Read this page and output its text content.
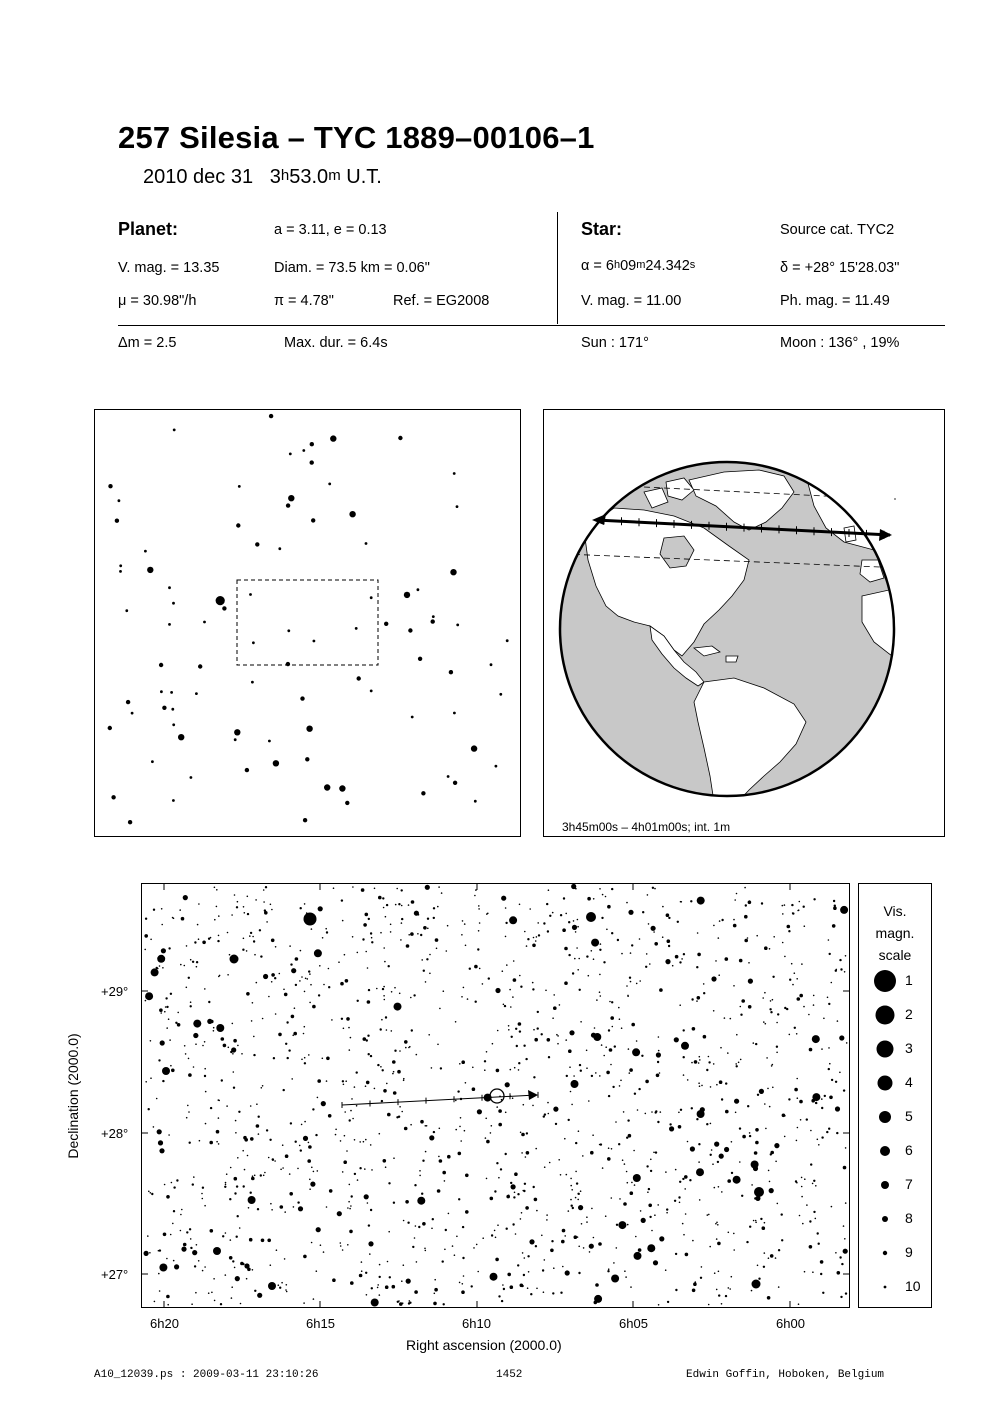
257 Silesia – TYC 1889–00106–1
2010 dec 31 3$^h$53.0$^m$ U.T.
Planet:	a = 3.11, e = 0.13
V. mag. = 13.35	Diam. = 73.5 km = 0.06"
μ = 30.98"/h	π = 4.78"	Ref. = EG2008
Star:	Source cat. TYC2
$\alpha = 6^h09^m24.342^s$	δ = +28° 15'28.03"
V. mag. = 11.00	Ph. mag. = 11.49
Δm = 2.5	Max. dur. = 6.4s	Sun : 171°	Moon : 136° , 19%
3h45m00s – 4h01m00s; int. 1m
6h20	6h15	6h10	6h05	6h00
Right ascension (2000.0)
+29°
+28°
+27°
Declination (2000.0)
Vis.
magn.
scale
1
2
3
4
5
6
7
8
9
10
A10_12039.ps : 2009-03-11 23:10:26	1452	Edwin Goffin, Hoboken, Belgium
